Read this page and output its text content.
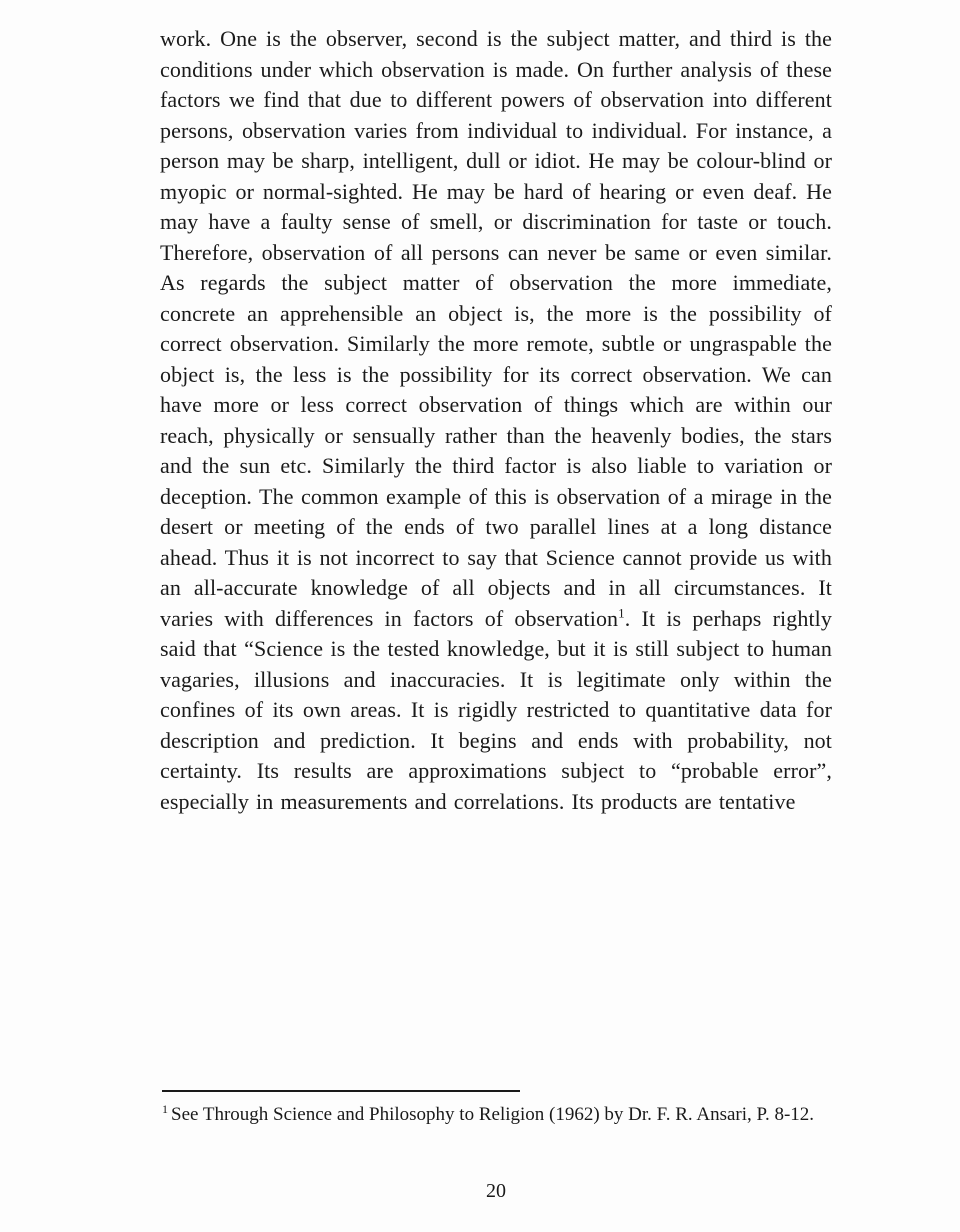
work. One is the observer, second is the subject matter, and third is the conditions under which observation is made. On further analysis of these factors we find that due to different powers of observation into different persons, observation varies from individual to individual. For instance, a person may be sharp, intelligent, dull or idiot. He may be colour-blind or myopic or normal-sighted. He may be hard of hearing or even deaf. He may have a faulty sense of smell, or discrimination for taste or touch. Therefore, observation of all persons can never be same or even similar. As regards the subject matter of observation the more immediate, concrete an apprehensible an object is, the more is the possibility of correct observation. Similarly the more remote, subtle or ungraspable the object is, the less is the possibility for its correct observation. We can have more or less correct observation of things which are within our reach, physically or sensually rather than the heavenly bodies, the stars and the sun etc. Similarly the third factor is also liable to variation or deception. The common example of this is observation of a mirage in the desert or meeting of the ends of two parallel lines at a long distance ahead. Thus it is not incorrect to say that Science cannot provide us with an all-accurate knowledge of all objects and in all circumstances. It varies with differences in factors of observation$^1$. It is perhaps rightly said that “Science is the tested knowledge, but it is still subject to human vagaries, illusions and inaccuracies. It is legitimate only within the confines of its own areas. It is rigidly restricted to quantitative data for description and prediction. It begins and ends with probability, not certainty. Its results are approximations subject to “probable error”, especially in measurements and correlations. Its products are tentative

$^1$ See Through Science and Philosophy to Religion (1962) by Dr. F. R. Ansari, P. 8-12.

20
